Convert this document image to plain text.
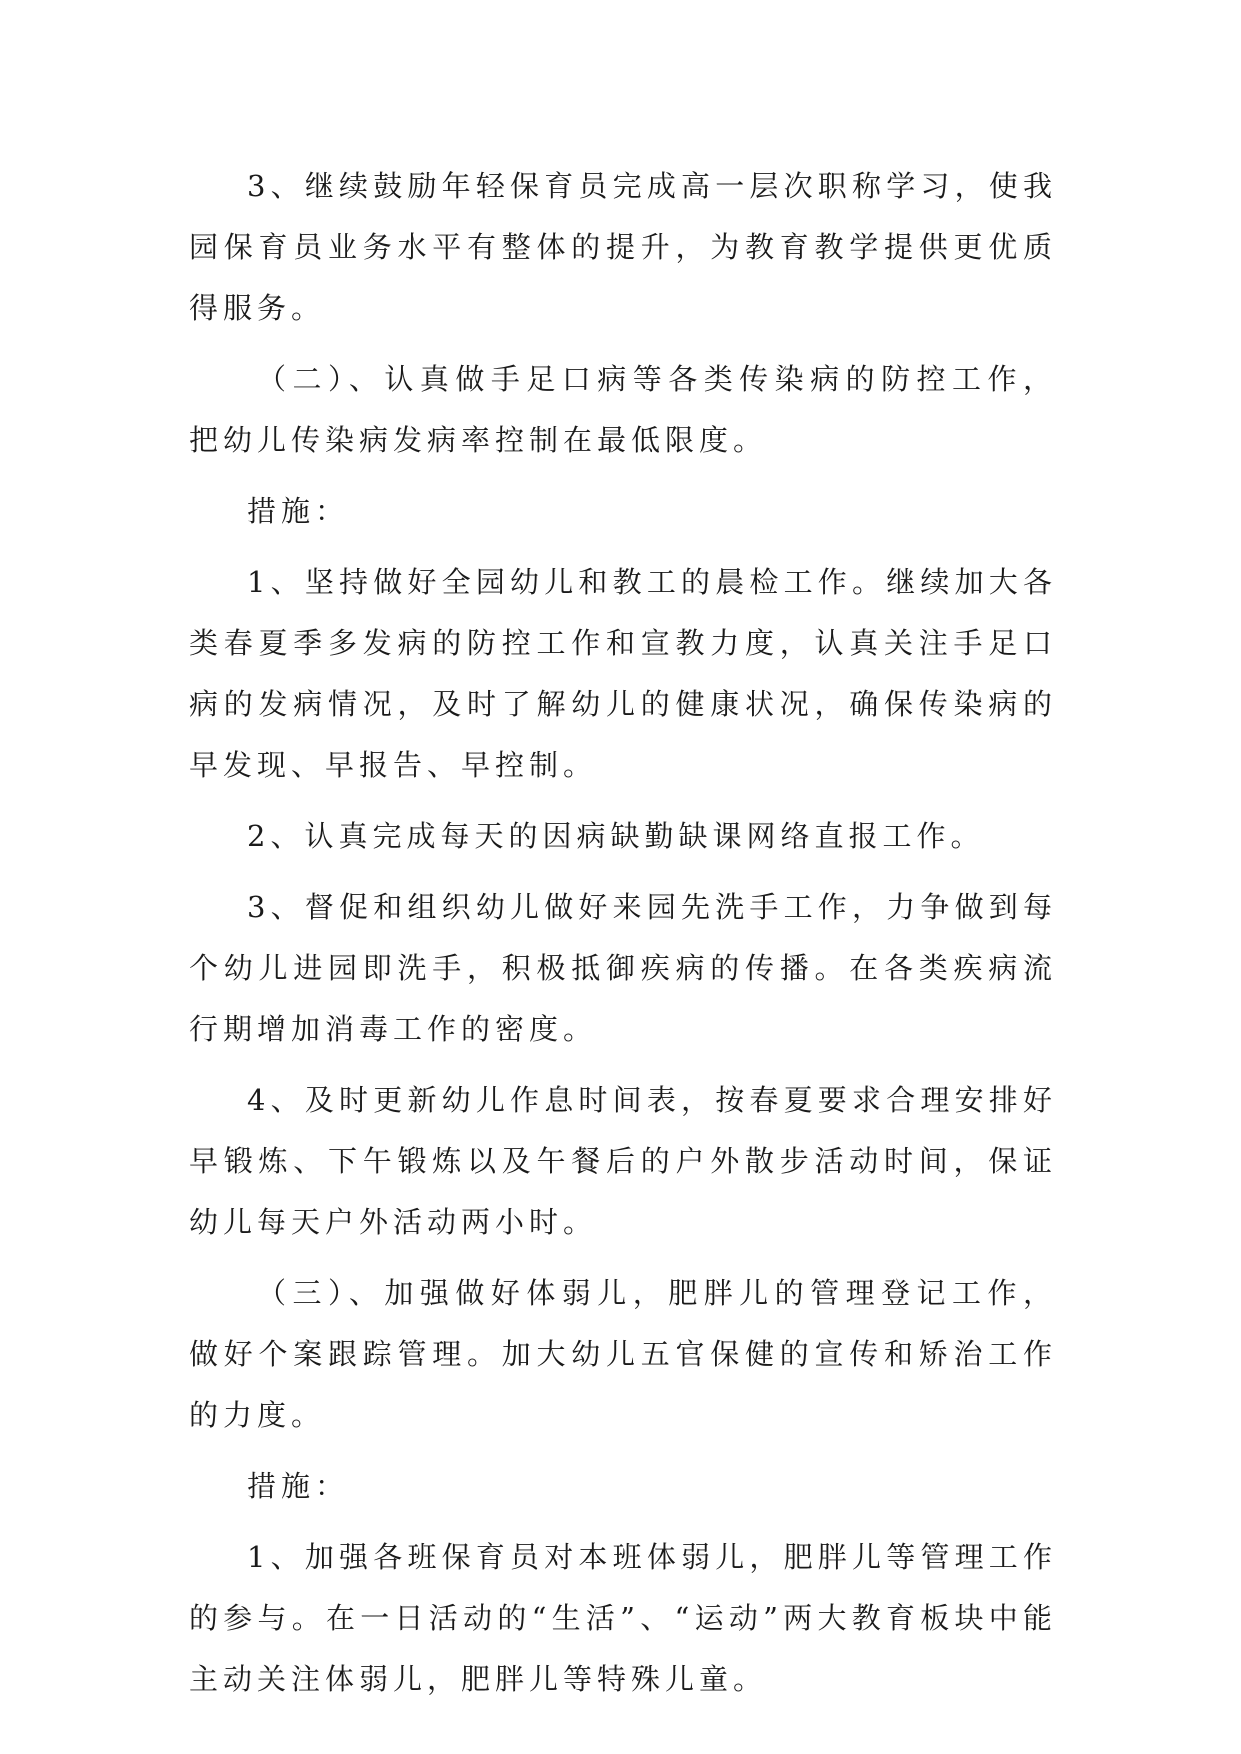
3、继续鼓励年轻保育员完成高一层次职称学习，使我园保育员业务水平有整体的提升，为教育教学提供更优质得服务。

（二）、认真做手足口病等各类传染病的防控工作，把幼儿传染病发病率控制在最低限度。

措施：

1、坚持做好全园幼儿和教工的晨检工作。继续加大各类春夏季多发病的防控工作和宣教力度，认真关注手足口病的发病情况，及时了解幼儿的健康状况，确保传染病的早发现、早报告、早控制。

2、认真完成每天的因病缺勤缺课网络直报工作。

3、督促和组织幼儿做好来园先洗手工作，力争做到每个幼儿进园即洗手，积极抵御疾病的传播。在各类疾病流行期增加消毒工作的密度。

4、及时更新幼儿作息时间表，按春夏要求合理安排好早锻炼、下午锻炼以及午餐后的户外散步活动时间，保证幼儿每天户外活动两小时。

（三）、加强做好体弱儿，肥胖儿的管理登记工作，做好个案跟踪管理。加大幼儿五官保健的宣传和矫治工作的力度。

措施：

1、加强各班保育员对本班体弱儿，肥胖儿等管理工作的参与。在一日活动的“生活”、“运动”两大教育板块中能主动关注体弱儿，肥胖儿等特殊儿童。
